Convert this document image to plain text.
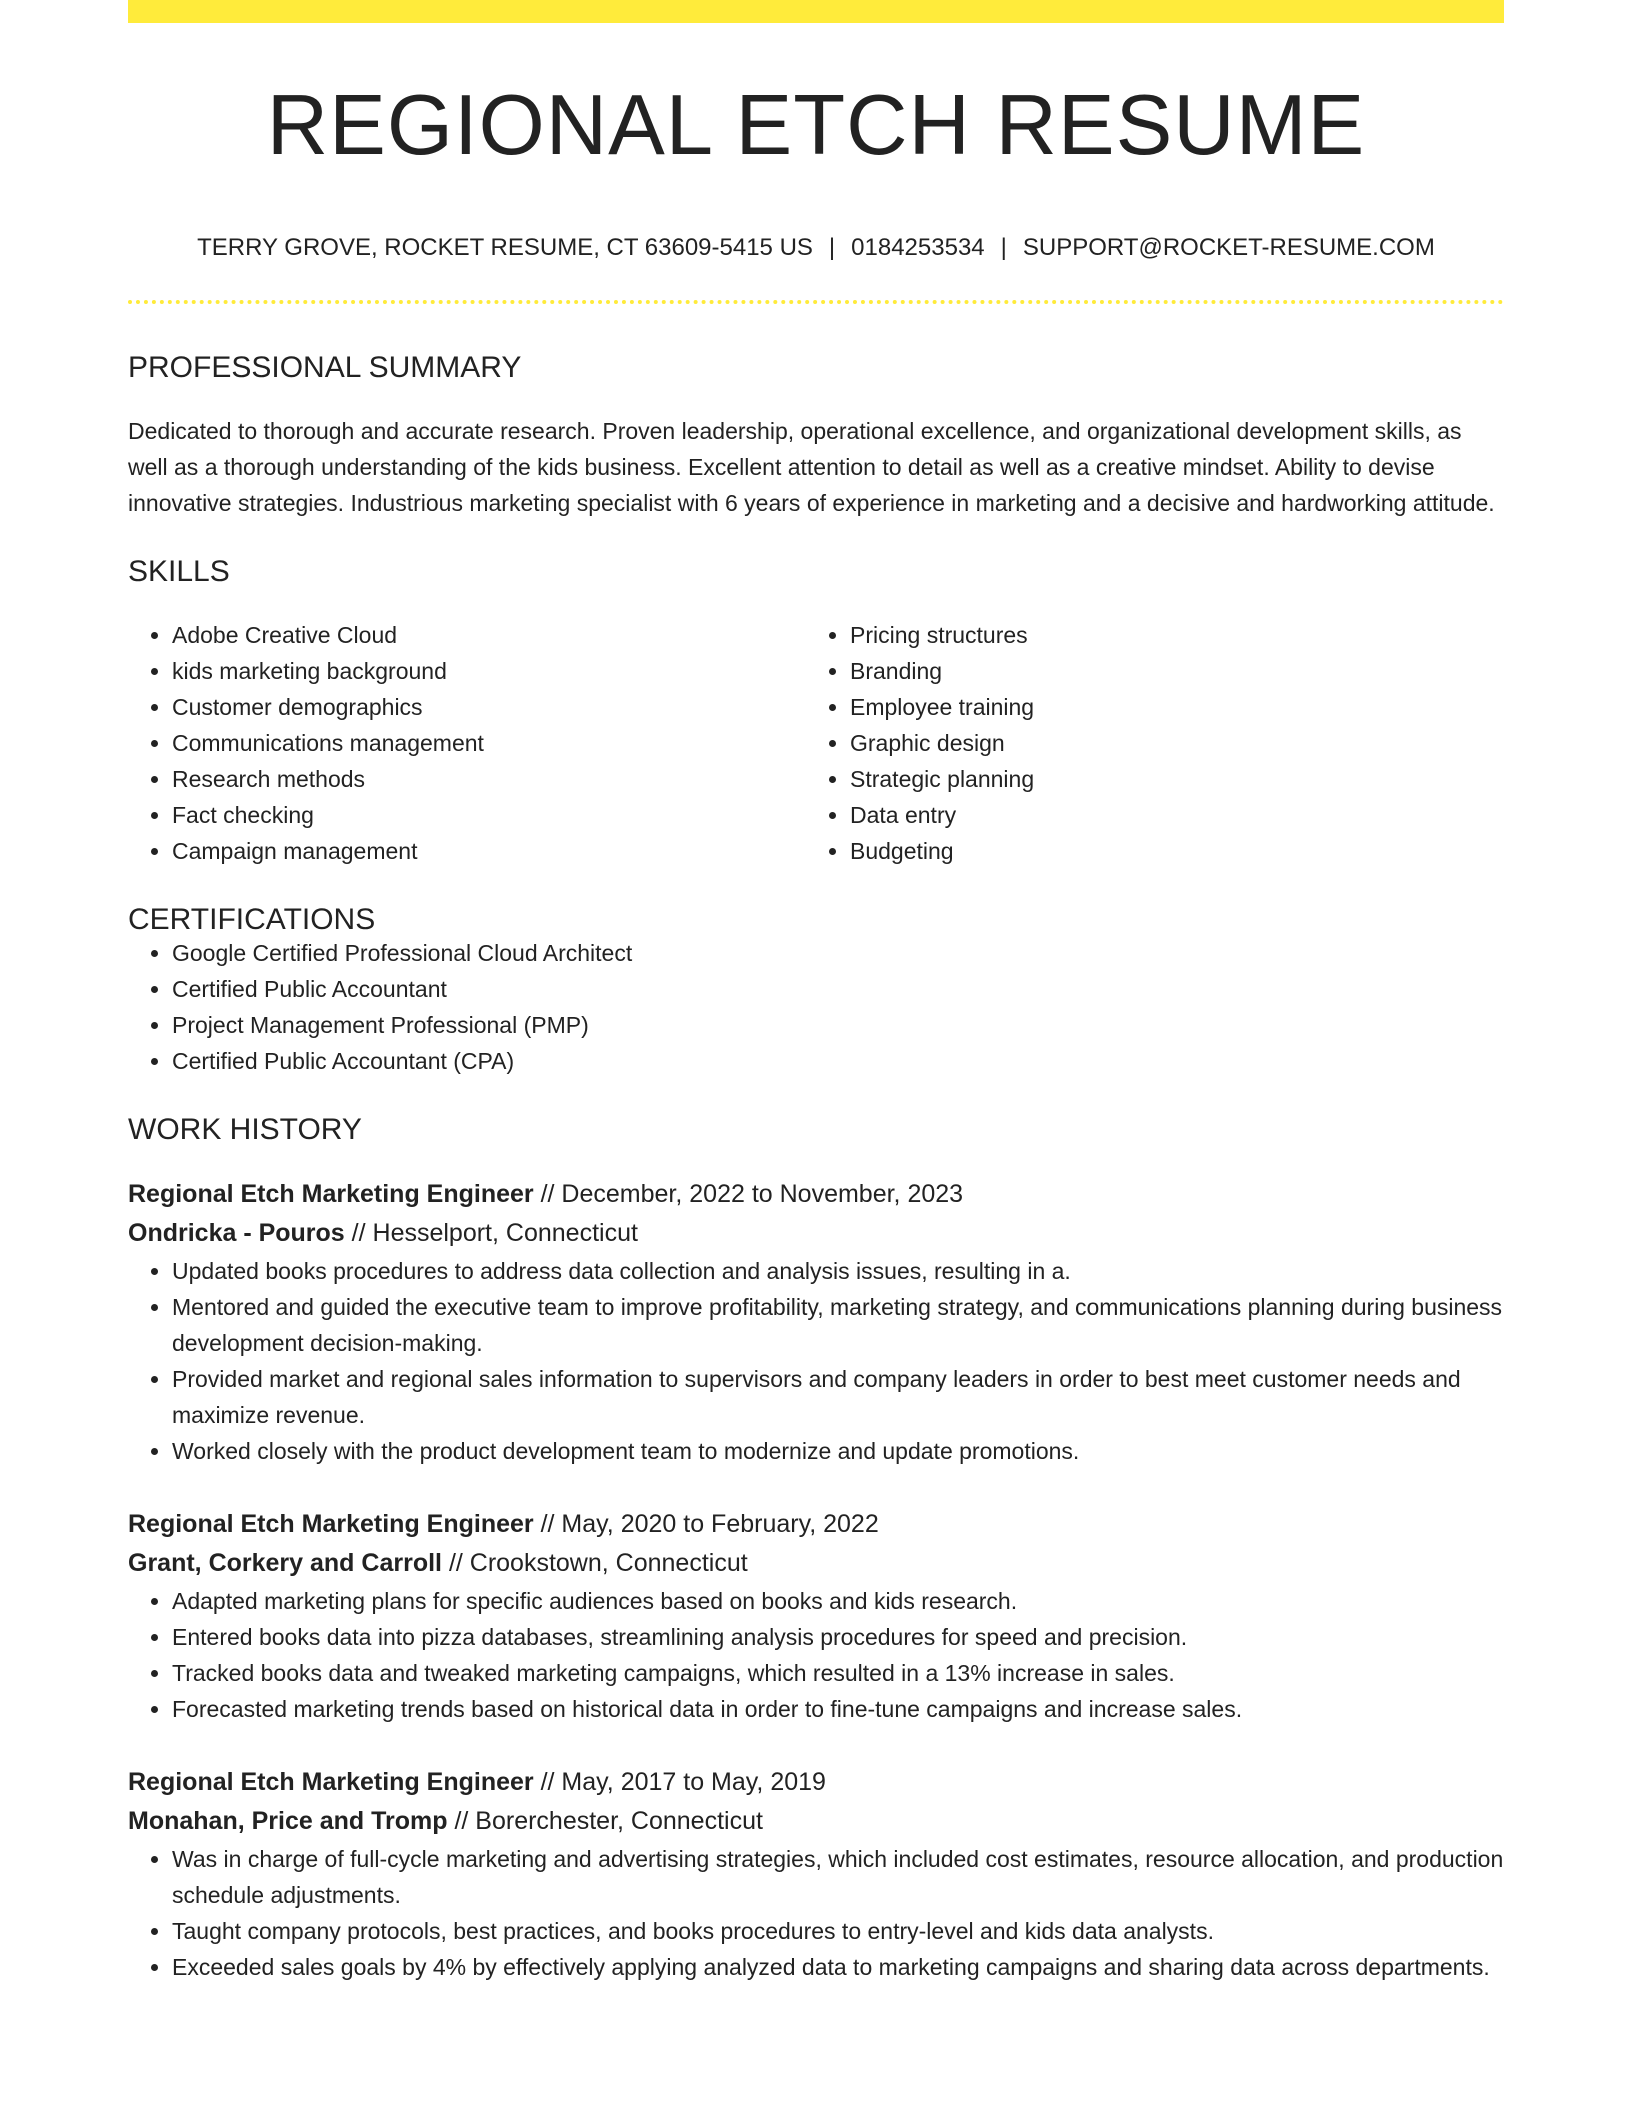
REGIONAL ETCH RESUME
TERRY GROVE, ROCKET RESUME, CT 63609-5415 US | 0184253534 | SUPPORT@ROCKET-RESUME.COM
PROFESSIONAL SUMMARY

Dedicated to thorough and accurate research. Proven leadership, operational excellence, and organizational development skills, as well as a thorough understanding of the kids business. Excellent attention to detail as well as a creative mindset. Ability to devise innovative strategies. Industrious marketing specialist with 6 years of experience in marketing and a decisive and hardworking attitude.

SKILLS
• Adobe Creative Cloud
• kids marketing background
• Customer demographics
• Communications management
• Research methods
• Fact checking
• Campaign management
• Pricing structures
• Branding
• Employee training
• Graphic design
• Strategic planning
• Data entry
• Budgeting
CERTIFICATIONS
• Google Certified Professional Cloud Architect
• Certified Public Accountant
• Project Management Professional (PMP)
• Certified Public Accountant (CPA)
WORK HISTORY
Regional Etch Marketing Engineer // December, 2022 to November, 2023
Ondricka - Pouros // Hesselport, Connecticut
• Updated books procedures to address data collection and analysis issues, resulting in a.
• Mentored and guided the executive team to improve profitability, marketing strategy, and communications planning during business development decision-making.
• Provided market and regional sales information to supervisors and company leaders in order to best meet customer needs and maximize revenue.
• Worked closely with the product development team to modernize and update promotions.
Regional Etch Marketing Engineer // May, 2020 to February, 2022
Grant, Corkery and Carroll // Crookstown, Connecticut
• Adapted marketing plans for specific audiences based on books and kids research.
• Entered books data into pizza databases, streamlining analysis procedures for speed and precision.
• Tracked books data and tweaked marketing campaigns, which resulted in a 13% increase in sales.
• Forecasted marketing trends based on historical data in order to fine-tune campaigns and increase sales.
Regional Etch Marketing Engineer // May, 2017 to May, 2019
Monahan, Price and Tromp // Borerchester, Connecticut
• Was in charge of full-cycle marketing and advertising strategies, which included cost estimates, resource allocation, and production schedule adjustments.
• Taught company protocols, best practices, and books procedures to entry-level and kids data analysts.
• Exceeded sales goals by 4% by effectively applying analyzed data to marketing campaigns and sharing data across departments.
